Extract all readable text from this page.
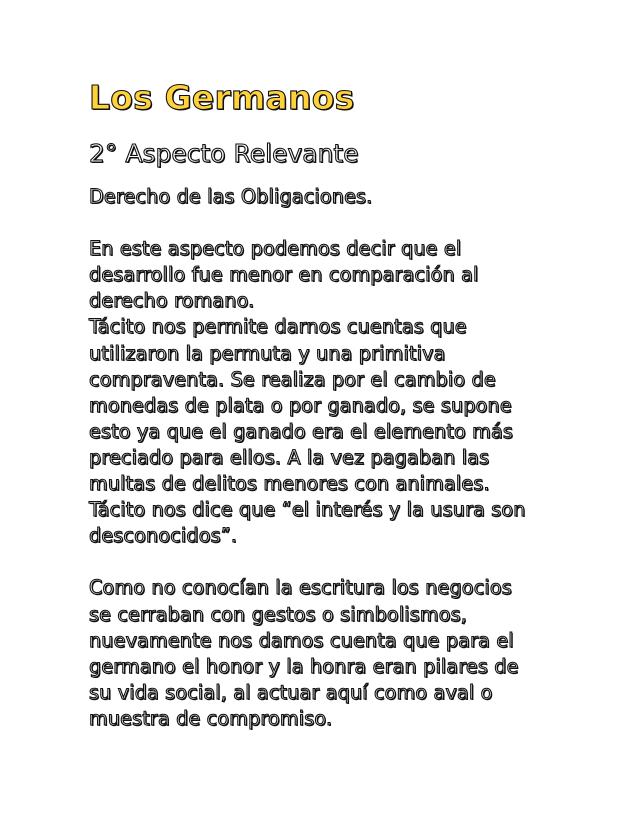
Los Germanos
2° Aspecto Relevante
Derecho de las Obligaciones.
En este aspecto podemos decir que el
desarrollo fue menor en comparación al
derecho romano.
Tácito nos permite darnos cuentas que
utilizaron la permuta y una primitiva
compraventa. Se realiza por el cambio de
monedas de plata o por ganado, se supone
esto ya que el ganado era el elemento más
preciado para ellos. A la vez pagaban las
multas de delitos menores con animales.
Tácito nos dice que “el interés y la usura son
desconocidos”.
Como no conocían la escritura los negocios
se cerraban con gestos o simbolismos,
nuevamente nos damos cuenta que para el
germano el honor y la honra eran pilares de
su vida social, al actuar aquí como aval o
muestra de compromiso.
